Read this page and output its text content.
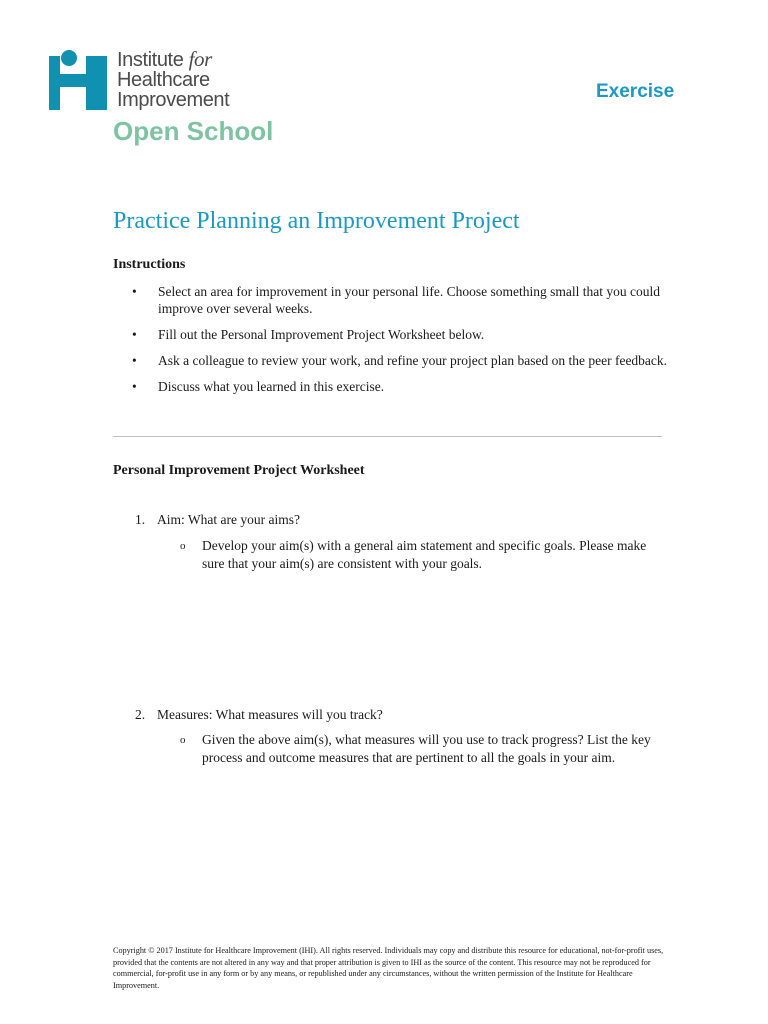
Institute for
Healthcare
Improvement
Open School
Exercise
Practice Planning an Improvement Project
Instructions
• Select an area for improvement in your personal life. Choose something small that you could improve over several weeks.
• Fill out the Personal Improvement Project Worksheet below.
• Ask a colleague to review your work, and refine your project plan based on the peer feedback.
• Discuss what you learned in this exercise.
Personal Improvement Project Worksheet
1. Aim: What are your aims?
o	Develop your aim(s) with a general aim statement and specific goals. Please make sure that your aim(s) are consistent with your goals.
2. Measures: What measures will you track?
o	Given the above aim(s), what measures will you use to track progress? List the key process and outcome measures that are pertinent to all the goals in your aim.
Copyright © 2017 Institute for Healthcare Improvement (IHI). All rights reserved. Individuals may copy and distribute this resource for educational, not-for-profit uses, provided that the contents are not altered in any way and that proper attribution is given to IHI as the source of the content. This resource may not be reproduced for commercial, for-profit use in any form or by any means, or republished under any circumstances, without the written permission of the Institute for Healthcare Improvement.
